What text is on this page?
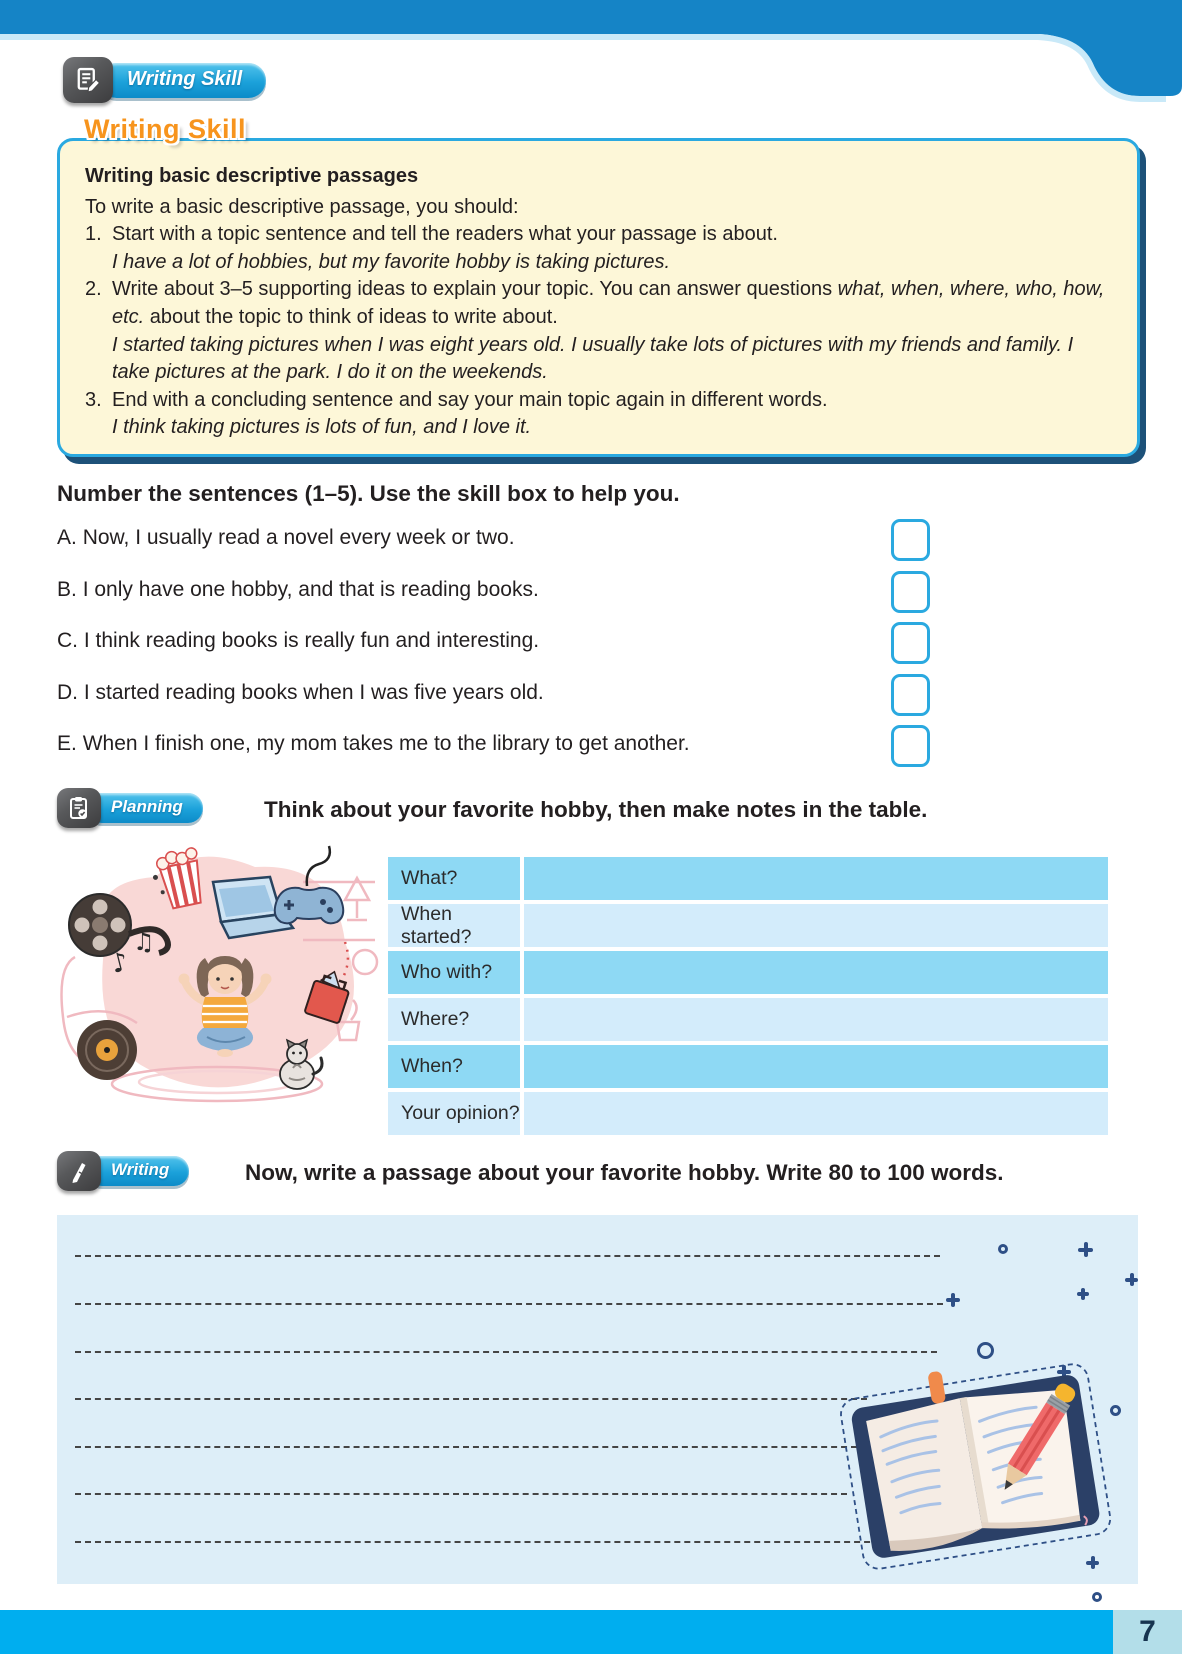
Writing Skill
Writing Skill

Writing basic descriptive passages

To write a basic descriptive passage, you should:

1. Start with a topic sentence and tell the readers what your passage is about.
I have a lot of hobbies, but my favorite hobby is taking pictures.
2. Write about 3–5 supporting ideas to explain your topic. You can answer questions what, when, where, who, how, etc. about the topic to think of ideas to write about.
I started taking pictures when I was eight years old. I usually take lots of pictures with my friends and family. I take pictures at the park. I do it on the weekends.
3. End with a concluding sentence and say your main topic again in different words.
I think taking pictures is lots of fun, and I love it.
Number the sentences (1–5). Use the skill box to help you.
A. Now, I usually read a novel every week or two.
B. I only have one hobby, and that is reading books.
C. I think reading books is really fun and interesting.
D. I started reading books when I was five years old.
E. When I finish one, my mom takes me to the library to get another.
Planning	Think about your favorite hobby, then make notes in the table.
♪
♫
What?
When started?
Who with?
Where?
When?
Your opinion?
Writing	Now, write a passage about your favorite hobby. Write 80 to 100 words.
7
